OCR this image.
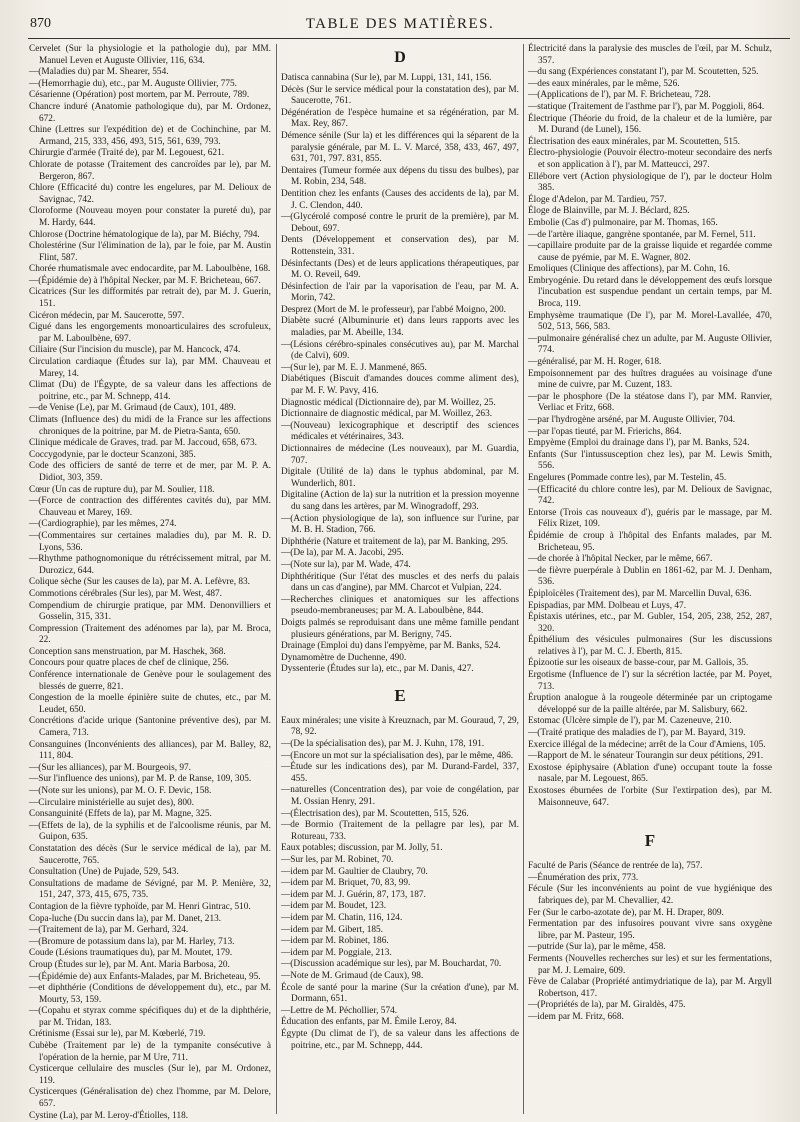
870	TABLE DES MATIÈRES.

Cervelet (Sur la physiologie et la pathologie du), par MM. Manuel Leven et Auguste Ollivier, 116, 634.

—(Maladies du) par M. Shearer, 554.

—(Hemorrhagie du), etc., par M. Auguste Ollivier, 775.

Césarienne (Opération) post mortem, par M. Perroute, 789.

Chancre induré (Anatomie pathologique du), par M. Ordonez, 672.

Chine (Lettres sur l'expédition de) et de Cochinchine, par M. Armand, 215, 333, 456, 493, 515, 561, 639, 793.

Chirurgie d'armée (Traité de), par M. Legouest, 621.

Chlorate de potasse (Traitement des cancroïdes par le), par M. Bergeron, 867.

Chlore (Efficacité du) contre les engelures, par M. Delioux de Savignac, 742.

Cloroforme (Nouveau moyen pour constater la pureté du), par M. Hardy, 644.

Chlorose (Doctrine hématologique de la), par M. Biéchy, 794.

Cholestérine (Sur l'élimination de la), par le foie, par M. Austin Flint, 587.

Chorée rhumatismale avec endocardite, par M. Laboulbène, 168.

—(Épidémie de) à l'hôpital Necker, par M. F. Bricheteau, 667.

Cicatrices (Sur les difformités par retrait de), par M. J. Guerin, 151.

Cicéron médecin, par M. Saucerotte, 597.

Cigué dans les engorgements monoarticulaires des scrofuleux, par M. Laboulbène, 697.

Ciliaire (Sur l'incision du muscle), par M. Hancock, 474.

Circulation cardiaque (Études sur la), par MM. Chauveau et Marey, 14.

Climat (Du) de l'Égypte, de sa valeur dans les affections de poitrine, etc., par M. Schnepp, 414.

—de Venise (Le), par M. Grimaud (de Caux), 101, 489.

Climats (Influence des) du midi de la France sur les affections chroniques de la poitrine, par M. de Pietra-Santa, 650.

Clinique médicale de Graves, trad. par M. Jaccoud, 658, 673.

Coccygodynie, par le docteur Scanzoni, 385.

Code des officiers de santé de terre et de mer, par M. P. A. Didiot, 303, 359.

Cœur (Un cas de rupture du), par M. Soulier, 118.

—(Force de contraction des différentes cavités du), par MM. Chauveau et Marey, 169.

—(Cardiographie), par les mêmes, 274.

—(Commentaires sur certaines maladies du), par M. R. D. Lyons, 536.

—Rhythme pathognomonique du rétrécissement mitral, par M. Durozicz, 644.

Colique sèche (Sur les causes de la), par M. A. Lefèvre, 83.

Commotions cérébrales (Sur les), par M. West, 487.

Compendium de chirurgie pratique, par MM. Denonvilliers et Gosselin, 315, 331.

Compression (Traitement des adénomes par la), par M. Broca, 22.

Conception sans menstruation, par M. Haschek, 368.

Concours pour quatre places de chef de clinique, 256.

Conférence internationale de Genève pour le soulagement des blessés de guerre, 821.

Congestion de la moelle épinière suite de chutes, etc., par M. Leudet, 650.

Concrétions d'acide urique (Santonine préventive des), par M. Camera, 713.

Consanguines (Inconvénients des alliances), par M. Balley, 82, 111, 804.

—(Sur les alliances), par M. Bourgeois, 97.

—Sur l'influence des unions), par M. P. de Ranse, 109, 305.

—(Note sur les unions), par M. O. F. Devic, 158.

—Circulaire ministérielle au sujet des), 800.

Consanguinité (Effets de la), par M. Magne, 325.

—(Effets de la), de la syphilis et de l'alcoolisme réunis, par M. Guipon, 635.

Constatation des décès (Sur le service médical de la), par M. Saucerotte, 765.

Consultation (Une) de Pujade, 529, 543.

Consultations de madame de Sévigné, par M. P. Menière, 32, 151, 247, 373, 415, 675, 735.

Contagion de la fièvre typhoïde, par M. Henri Gintrac, 510.

Copa-luche (Du succin dans la), par M. Danet, 213.

—(Traitement de la), par M. Gerhard, 324.

—(Bromure de potassium dans la), par M. Harley, 713.

Coude (Lésions traumatiques du), par M. Moutet, 179.

Croup (Études sur le), par M. Ant. Maria Barbosa, 20.

—(Épidémie de) aux Enfants-Malades, par M. Bricheteau, 95.

—et diphthérie (Conditions de développement du), etc., par M. Mourty, 53, 159.

—(Copahu et styrax comme spécifiques du) et de la diphthérie, par M. Tridan, 183.

Crétinisme (Essai sur le), par M. Kœberlé, 719.

Cubèbe (Traitement par le) de la tympanite consécutive à l'opération de la hernie, par M Ure, 711.

Cysticerque cellulaire des muscles (Sur le), par M. Ordonez, 119.

Cysticerques (Généralisation de) chez l'homme, par M. Delore, 657.

Cystine (La), par M. Leroy-d'Étiolles, 118.

D

Datisca cannabina (Sur le), par M. Luppi, 131, 141, 156.

Décès (Sur le service médical pour la constatation des), par M. Saucerotte, 761.

Dégénération de l'espèce humaine et sa régénération, par M. Max. Rey, 867.

Démence sénile (Sur la) et les différences qui la séparent de la paralysie générale, par M. L. V. Marcé, 358, 433, 467, 497, 631, 701, 797. 831, 855.

Dentaires (Tumeur formée aux dépens du tissu des bulbes), par M. Robin, 234, 548.

Dentition chez les enfants (Causes des accidents de la), par M. J. C. Clendon, 440.

—(Glycérolé composé contre le prurit de la première), par M. Debout, 697.

Dents (Développement et conservation des), par M. Rottenstein, 331.

Désinfectants (Des) et de leurs applications thérapeutiques, par M. O. Reveil, 649.

Désinfection de l'air par la vaporisation de l'eau, par M. A. Morin, 742.

Desprez (Mort de M. le professeur), par l'abbé Moigno, 200.

Diabète sucré (Albuminurie et) dans leurs rapports avec les maladies, par M. Abeille, 134.

—(Lésions cérébro-spinales consécutives au), par M. Marchal (de Calvi), 609.

—(Sur le), par M. E. J. Manmené, 865.

Diabétiques (Biscuit d'amandes douces comme aliment des), par M. F. W. Pavy, 416.

Diagnostic médical (Dictionnaire de), par M. Woillez, 25.

Dictionnaire de diagnostic médical, par M. Woillez, 263.

—(Nouveau) lexicographique et descriptif des sciences médicales et vétérinaires, 343.

Dictionnaires de médecine (Les nouveaux), par M. Guardia, 707.

Digitale (Utilité de la) dans le typhus abdominal, par M. Wunderlich, 801.

Digitaline (Action de la) sur la nutrition et la pression moyenne du sang dans les artères, par M. Winogradoff, 293.

—(Action physiologique de la), son influence sur l'urine, par M. B. H. Stadion, 766.

Diphthérie (Nature et traitement de la), par M. Banking, 295.

—(De la), par M. A. Jacobi, 295.

—(Note sur la), par M. Wade, 474.

Diphthéritique (Sur l'état des muscles et des nerfs du palais dans un cas d'angine), par MM. Charcot et Vulpian, 224.

—Recherches cliniques et anatomiques sur les affections pseudo-membraneuses; par M. A. Laboulbène, 844.

Doigts palmés se reproduisant dans une même famille pendant plusieurs générations, par M. Berigny, 745.

Drainage (Emploi du) dans l'empyème, par M. Banks, 524.

Dynamomètre de Duchenne, 490.

Dyssenterie (Études sur la), etc., par M. Danis, 427.

E

Eaux minérales; une visite à Kreuznach, par M. Gouraud, 7, 29, 78, 92.

—(De la spécialisation des), par M. J. Kuhn, 178, 191.

—(Encore un mot sur la spécialisation des), par le même, 486.

—Étude sur les indications des), par M. Durand-Fardel, 337, 455.

—naturelles (Concentration des), par voie de congélation, par M. Ossian Henry, 291.

—(Électrisation des), par M. Scoutetten, 515, 526.

—de Bormio (Traitement de la pellagre par les), par M. Rotureau, 733.

Eaux potables; discussion, par M. Jolly, 51.

—Sur les, par M. Robinet, 70.

—idem par M. Gaultier de Claubry, 70.

—idem par M. Briquet, 70, 83, 99.

—idem par M. J. Guérin, 87, 173, 187.

—idem par M. Boudet, 123.

—idem par M. Chatin, 116, 124.

—idem par M. Gibert, 185.

—idem par M. Robinet, 186.

—idem par M. Poggiale, 213.

—(Discussion académique sur les), par M. Bouchardat, 70.

—Note de M. Grimaud (de Caux), 98.

École de santé pour la marine (Sur la création d'une), par M. Dormann, 651.

—Lettre de M. Péchollier, 574.

Éducation des enfants, par M. Émile Leroy, 84.

Égypte (Du climat de l'), de sa valeur dans les affections de poitrine, etc., par M. Schnepp, 444.

Électricité dans la paralysie des muscles de l'œil, par M. Schulz, 357.

—du sang (Expériences constatant l'), par M. Scoutetten, 525.

—des eaux minérales, par le même, 526.

—(Applications de l'), par M. F. Bricheteau, 728.

—statique (Traitement de l'asthme par l'), par M. Poggioli, 864.

Électrique (Théorie du froid, de la chaleur et de la lumière, par M. Durand (de Lunel), 156.

Électrisation des eaux minérales, par M. Scoutetten, 515.

Électro-physiologie (Pouvoir électro-moteur secondaire des nerfs et son application à l'), par M. Matteucci, 297.

Ellébore vert (Action physiologique de l'), par le docteur Holm 385.

Éloge d'Adelon, par M. Tardieu, 757.

Éloge de Blainville, par M. J. Béclard, 825.

Embolie (Cas d') pulmonaire, par M. Thomas, 165.

—de l'artère iliaque, gangrène spontanée, par M. Fernel, 511.

—capillaire produite par de la graisse liquide et regardée comme cause de pyémie, par M. E. Wagner, 802.

Emoliques (Clinique des affections), par M. Cohn, 16.

Embryogénie. Du retard dans le développement des œufs lorsque l'incubation est suspendue pendant un certain temps, par M. Broca, 119.

Emphysème traumatique (De l'), par M. Morel-Lavallée, 470, 502, 513, 566, 583.

—pulmonaire généralisé chez un adulte, par M. Auguste Ollivier, 774.

—généralisé, par M. H. Roger, 618.

Empoisonnement par des huîtres draguées au voisinage d'une mine de cuivre, par M. Cuzent, 183.

—par le phosphore (De la stéatose dans l'), par MM. Ranvier, Verliac et Fritz, 668.

—par l'hydrogène arséné, par M. Auguste Ollivier, 704.

—par l'opas tieuté, par M. Frierichs, 864.

Empyème (Emploi du drainage dans l'), par M. Banks, 524.

Enfants (Sur l'intussusception chez les), par M. Lewis Smith, 556.

Engelures (Pommade contre les), par M. Testelin, 45.

—(Efficacité du chlore contre les), par M. Delioux de Savignac, 742.

Entorse (Trois cas nouveaux d'), guéris par le massage, par M. Félix Rizet, 109.

Épidémie de croup à l'hôpital des Enfants malades, par M. Bricheteau, 95.

—de chorée à l'hôpital Necker, par le même, 667.

—de fièvre puerpérale à Dublin en 1861-62, par M. J. Denham, 536.

Épiploïcèles (Traitement des), par M. Marcellin Duval, 636.

Epispadias, par MM. Dolbeau et Luys, 47.

Épistaxis utérines, etc., par M. Gubler, 154, 205, 238, 252, 287, 320.

Épithélium des vésicules pulmonaires (Sur les discussions relatives à l'), par M. C. J. Eberth, 815.

Épizootie sur les oiseaux de basse-cour, par M. Gallois, 35.

Ergotisme (Influence de l') sur la sécrétion lactée, par M. Poyet, 713.

Éruption analogue à la rougeole déterminée par un criptogame développé sur de la paille altérée, par M. Salisbury, 662.

Estomac (Ulcère simple de l'), par M. Cazeneuve, 210.

—(Traité pratique des maladies de l'), par M. Bayard, 319.

Exercice illégal de la médecine; arrêt de la Cour d'Amiens, 105.

—Rapport de M. le sénateur Tourangin sur deux pétitions, 291.

Exostose épiphysaire (Ablation d'une) occupant toute la fosse nasale, par M. Legouest, 865.

Exostoses éburnées de l'orbite (Sur l'extirpation des), par M. Maisonneuve, 647.

F

Faculté de Paris (Séance de rentrée de la), 757.

—Énumération des prix, 773.

Fécule (Sur les inconvénients au point de vue hygiénique des fabriques de), par M. Chevallier, 42.

Fer (Sur le carbo-azotate de), par M. H. Draper, 809.

Fermentation par des infusoires pouvant vivre sans oxygène libre, par M. Pasteur, 195.

—putride (Sur la), par le même, 458.

Ferments (Nouvelles recherches sur les) et sur les fermentations, par M. J. Lemaire, 609.

Fève de Calabar (Propriété antimydriatique de la), par M. Argyll Robertson, 417.

—(Propriétés de la), par M. Giraldès, 475.

—idem par M. Fritz, 668.
